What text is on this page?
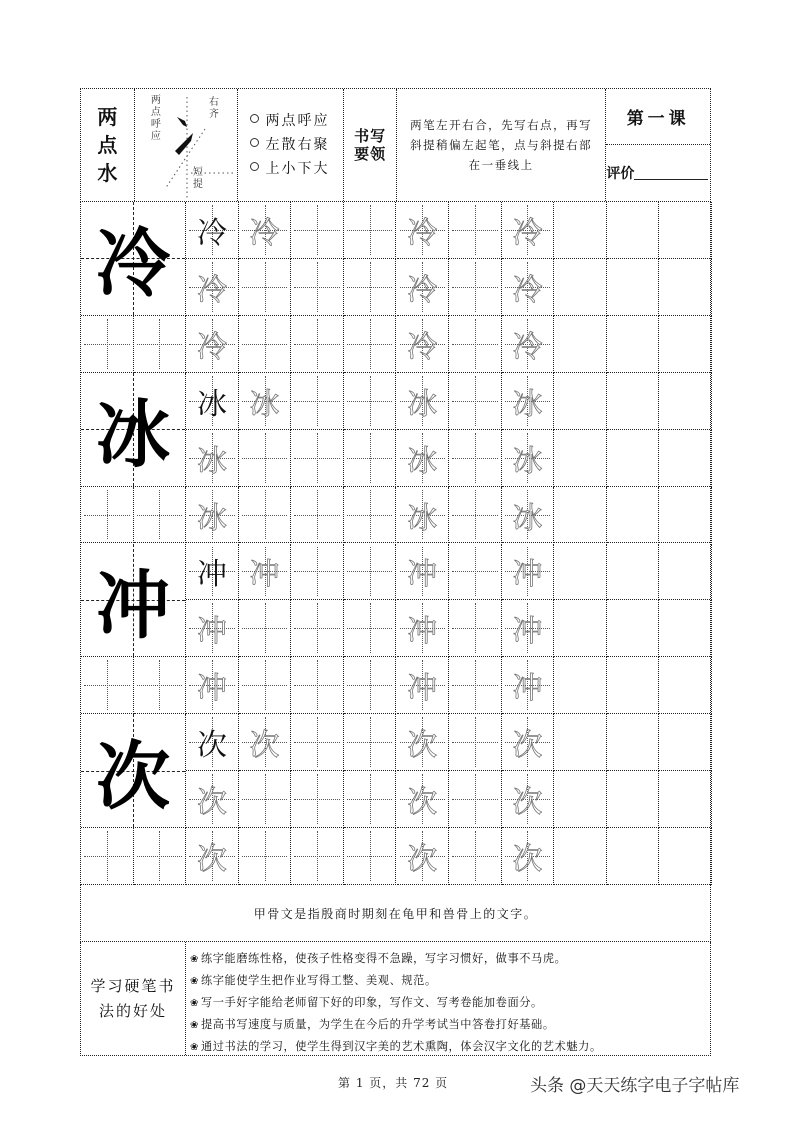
两
点
水
两点呼应
右齐
短提
两点呼应
左散右聚
上小下大
书写要领

两笔左开右合，先写右点，再写斜提稍偏左起笔，点与斜提右部在一垂线上

第一课
评价
冷 冷 冷	冷	冷
冷	冷	冷
冷	冷	冷
冰 冰 冰	冰	冰
冰	冰	冰
冰	冰	冰
冲 冲 冲	冲	冲
冲	冲	冲
冲	冲	冲
次 次 次	次	次
次	次	次
次	次	次
甲骨文是指殷商时期刻在龟甲和兽骨上的文字。
学习硬笔书法的好处
❀ 练字能磨练性格，使孩子性格变得不急躁，写字习惯好，做事不马虎。
❀ 练字能使学生把作业写得工整、美观、规范。
❀ 写一手好字能给老师留下好的印象，写作文、写考卷能加卷面分。
❀ 提高书写速度与质量，为学生在今后的升学考试当中答卷打好基础。
❀ 通过书法的学习，使学生得到汉字美的艺术熏陶，体会汉字文化的艺术魅力。
第 1 页，共 72 页	头条 @天天练字电子字帖库
